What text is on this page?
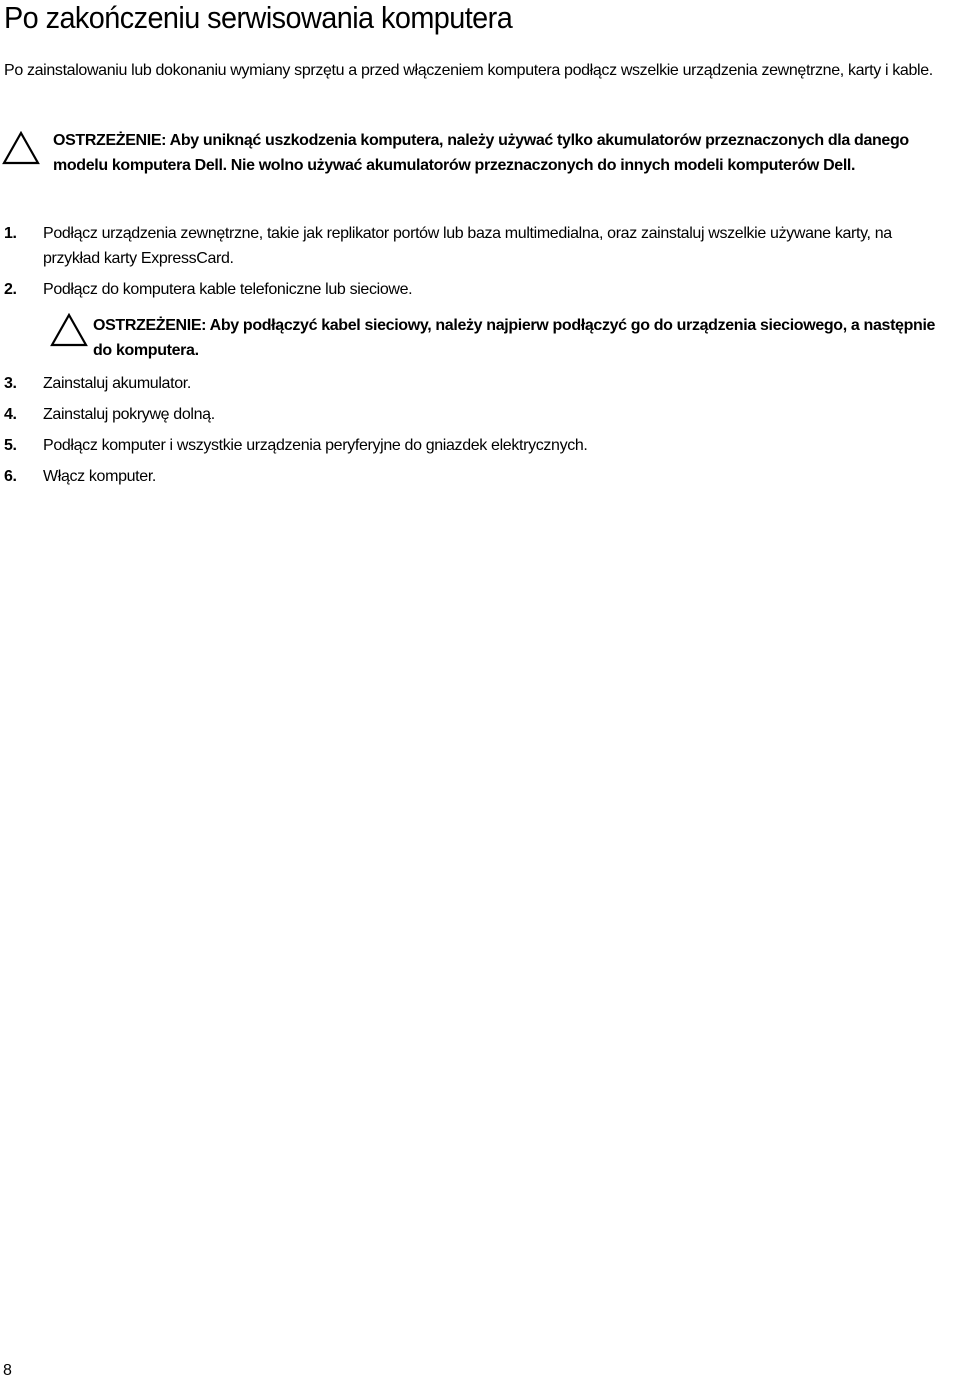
Po zakończeniu serwisowania komputera

Po zainstalowaniu lub dokonaniu wymiany sprzętu a przed włączeniem komputera podłącz wszelkie urządzenia zewnętrzne, karty i kable.

OSTRZEŻENIE: Aby uniknąć uszkodzenia komputera, należy używać tylko akumulatorów przeznaczonych dla danego modelu komputera Dell. Nie wolno używać akumulatorów przeznaczonych do innych modeli komputerów Dell.

1. Podłącz urządzenia zewnętrzne, takie jak replikator portów lub baza multimedialna, oraz zainstaluj wszelkie używane karty, na przykład karty ExpressCard.

2. Podłącz do komputera kable telefoniczne lub sieciowe.

OSTRZEŻENIE: Aby podłączyć kabel sieciowy, należy najpierw podłączyć go do urządzenia sieciowego, a następnie do komputera.

3. Zainstaluj akumulator.

4. Zainstaluj pokrywę dolną.

5. Podłącz komputer i wszystkie urządzenia peryferyjne do gniazdek elektrycznych.

6. Włącz komputer.

8
